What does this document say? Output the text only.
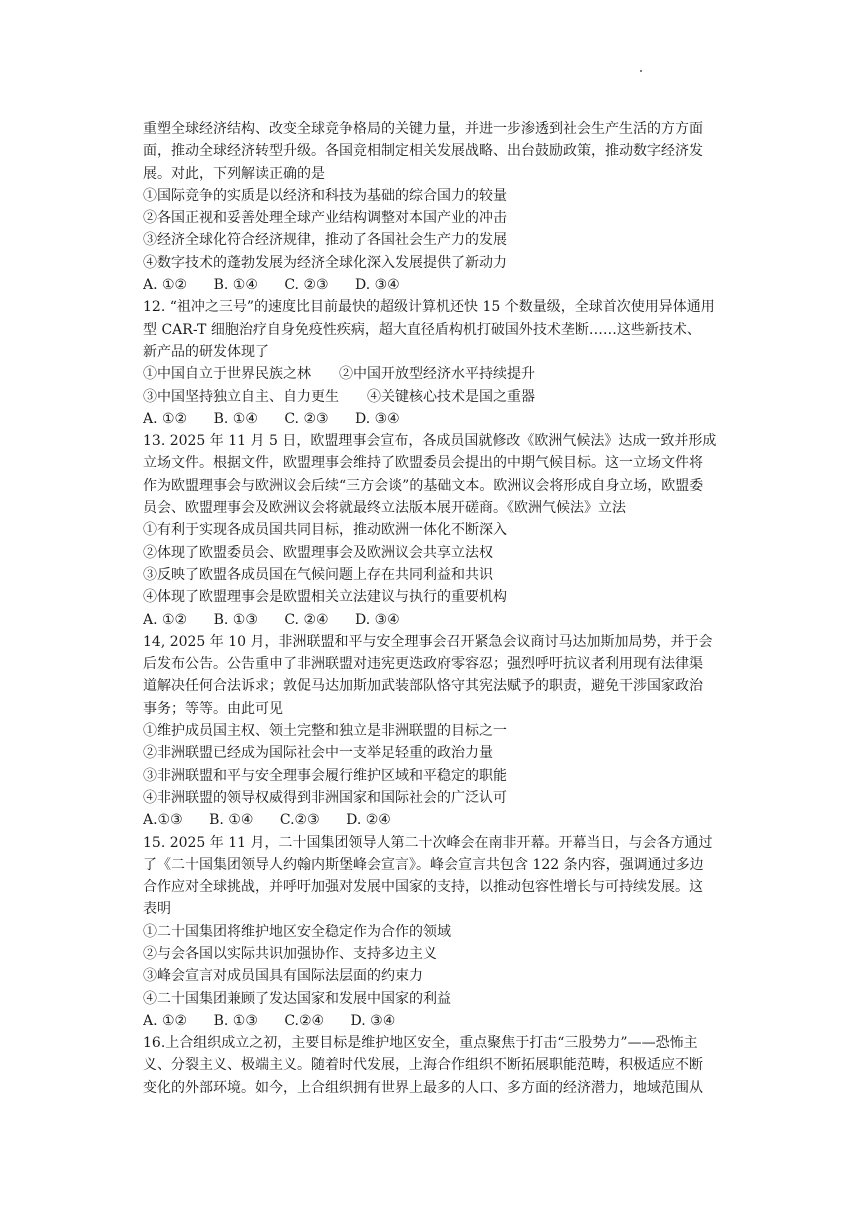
重塑全球经济结构、改变全球竞争格局的关键力量，并进一步渗透到社会生产生活的方方面
面，推动全球经济转型升级。各国竞相制定相关发展战略、出台鼓励政策，推动数字经济发
展。对此，下列解读正确的是
①国际竞争的实质是以经济和科技为基础的综合国力的较量
②各国正视和妥善处理全球产业结构调整对本国产业的冲击
③经济全球化符合经济规律，推动了各国社会生产力的发展
④数字技术的蓬勃发展为经济全球化深入发展提供了新动力
A. ①② B. ①④ C. ②③ D. ③④
12. “祖冲之三号”的速度比目前最快的超级计算机还快 15 个数量级，全球首次使用异体通用
型 CAR-T 细胞治疗自身免疫性疾病，超大直径盾构机打破国外技术垄断……这些新技术、
新产品的研发体现了
①中国自立于世界民族之林　　②中国开放型经济水平持续提升
③中国坚持独立自主、自力更生　　④关键核心技术是国之重器
A. ①② B. ①④ C. ②③ D. ③④
13. 2025 年 11 月 5 日，欧盟理事会宣布，各成员国就修改《欧洲气候法》达成一致并形成
立场文件。根据文件，欧盟理事会维持了欧盟委员会提出的中期气候目标。这一立场文件将
作为欧盟理事会与欧洲议会后续“三方会谈”的基础文本。欧洲议会将形成自身立场，欧盟委
员会、欧盟理事会及欧洲议会将就最终立法版本展开磋商。《欧洲气候法》立法
①有利于实现各成员国共同目标，推动欧洲一体化不断深入
②体现了欧盟委员会、欧盟理事会及欧洲议会共享立法权
③反映了欧盟各成员国在气候问题上存在共同利益和共识
④体现了欧盟理事会是欧盟相关立法建议与执行的重要机构
A. ①② B. ①③ C. ②④ D. ③④
14, 2025 年 10 月，非洲联盟和平与安全理事会召开紧急会议商讨马达加斯加局势，并于会
后发布公告。公告重申了非洲联盟对违宪更迭政府零容忍；强烈呼吁抗议者利用现有法律渠
道解决任何合法诉求；敦促马达加斯加武装部队恪守其宪法赋予的职责，避免干涉国家政治
事务；等等。由此可见
①维护成员国主权、领土完整和独立是非洲联盟的目标之一
②非洲联盟已经成为国际社会中一支举足轻重的政治力量
③非洲联盟和平与安全理事会履行维护区域和平稳定的职能
④非洲联盟的领导权威得到非洲国家和国际社会的广泛认可
A.①③ B. ①④ C.②③ D. ②④
15. 2025 年 11 月，二十国集团领导人第二十次峰会在南非开幕。开幕当日，与会各方通过
了《二十国集团领导人约翰内斯堡峰会宣言》。峰会宣言共包含 122 条内容，强调通过多边
合作应对全球挑战，并呼吁加强对发展中国家的支持，以推动包容性增长与可持续发展。这
表明
①二十国集团将维护地区安全稳定作为合作的领域
②与会各国以实际共识加强协作、支持多边主义
③峰会宣言对成员国具有国际法层面的约束力
④二十国集团兼顾了发达国家和发展中国家的利益
A. ①② B. ①③ C.②④ D. ③④
16.上合组织成立之初，主要目标是维护地区安全，重点聚焦于打击“三股势力”——恐怖主
义、分裂主义、极端主义。随着时代发展，上海合作组织不断拓展职能范畴，积极适应不断
变化的外部环境。如今，上合组织拥有世界上最多的人口、多方面的经济潜力，地域范围从
